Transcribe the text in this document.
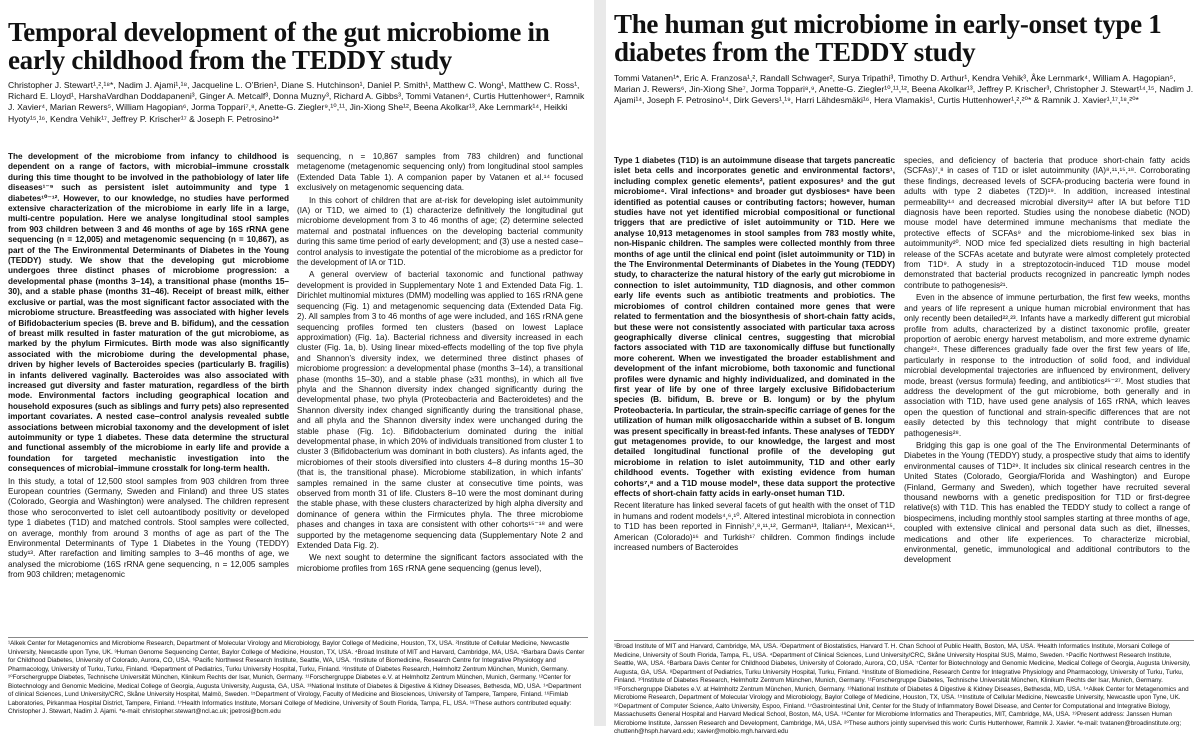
Temporal development of the gut microbiome in early childhood from the TEDDY study
Christopher J. Stewart¹,²,¹⁸*, Nadim J. Ajami¹,¹⁸, Jacqueline L. O’Brien¹, Diane S. Hutchinson¹, Daniel P. Smith¹, Matthew C. Wong¹, Matthew C. Ross¹, Richard E. Lloyd¹, HarshaVardhan Doddapaneni³, Ginger A. Metcalf³, Donna Muzny³, Richard A. Gibbs³, Tommi Vatanen⁴, Curtis Huttenhower⁴, Ramnik J. Xavier⁴, Marian Rewers⁵, William Hagopian⁶, Jorma Toppari⁷,⁸, Anette-G. Ziegler⁹,¹⁰,¹¹, Jin-Xiong She¹², Beena Akolkar¹³, Ake Lernmark¹⁴, Heikki Hyoty¹⁵,¹⁶, Kendra Vehik¹⁷, Jeffrey P. Krischer¹⁷ & Joseph F. Petrosino¹*

The development of the microbiome from infancy to childhood is dependent on a range of factors, with microbial–immune crosstalk during this time thought to be involved in the pathobiology of later life diseases¹⁻⁹ such as persistent islet autoimmunity and type 1 diabetes¹⁰⁻¹². However, to our knowledge, no studies have performed extensive characterization of the microbiome in early life in a large, multi-centre population. Here we analyse longitudinal stool samples from 903 children between 3 and 46 months of age by 16S rRNA gene sequencing (n = 12,005) and metagenomic sequencing (n = 10,867), as part of the The Environmental Determinants of Diabetes in the Young (TEDDY) study. We show that the developing gut microbiome undergoes three distinct phases of microbiome progression: a developmental phase (months 3–14), a transitional phase (months 15–30), and a stable phase (months 31–46). Receipt of breast milk, either exclusive or partial, was the most significant factor associated with the microbiome structure. Breastfeeding was associated with higher levels of Bifidobacterium species (B. breve and B. bifidum), and the cessation of breast milk resulted in faster maturation of the gut microbiome, as marked by the phylum Firmicutes. Birth mode was also significantly associated with the microbiome during the developmental phase, driven by higher levels of Bacteroides species (particularly B. fragilis) in infants delivered vaginally. Bacteroides was also associated with increased gut diversity and faster maturation, regardless of the birth mode. Environmental factors including geographical location and household exposures (such as siblings and furry pets) also represented important covariates. A nested case–control analysis revealed subtle associations between microbial taxonomy and the development of islet autoimmunity or type 1 diabetes. These data determine the structural and functional assembly of the microbiome in early life and provide a foundation for targeted mechanistic investigation into the consequences of microbial–immune crosstalk for long-term health.

In this study, a total of 12,500 stool samples from 903 children from three European countries (Germany, Sweden and Finland) and three US states (Colorado, Georgia and Washington) were analysed. The children represent those who seroconverted to islet cell autoantibody positivity or developed type 1 diabetes (T1D) and matched controls. Stool samples were collected, on average, monthly from around 3 months of age as part of the The Environmental Determinants of Type 1 Diabetes in the Young (TEDDY) study¹³. After rarefaction and limiting samples to 3–46 months of age, we analysed the microbiome (16S rRNA gene sequencing, n = 12,005 samples from 903 children; metagenomic

sequencing, n = 10,867 samples from 783 children) and functional metagenome (metagenomic sequencing only) from longitudinal stool samples (Extended Data Table 1). A companion paper by Vatanen et al.¹⁴ focused exclusively on metagenomic sequencing data.

In this cohort of children that are at-risk for developing islet autoimmunity (IA) or T1D, we aimed to (1) characterize definitively the longitudinal gut microbiome development from 3 to 46 months of age; (2) determine selected maternal and postnatal influences on the developing bacterial community during this same time period of early development; and (3) use a nested case–control analysis to investigate the potential of the microbiome as a predictor for the development of IA or T1D.

A general overview of bacterial taxonomic and functional pathway development is provided in Supplementary Note 1 and Extended Data Fig. 1. Dirichlet multinomial mixtures (DMM) modelling was applied to 16S rRNA gene sequencing (Fig. 1) and metagenomic sequencing data (Extended Data Fig. 2). All samples from 3 to 46 months of age were included, and 16S rRNA gene sequencing profiles formed ten clusters (based on lowest Laplace approximation) (Fig. 1a). Bacterial richness and diversity increased in each cluster (Fig. 1a, b). Using linear mixed-effects modelling of the top five phyla and Shannon’s diversity index, we determined three distinct phases of microbiome progression: a developmental phase (months 3–14), a transitional phase (months 15–30), and a stable phase (≥31 months), in which all five phyla and the Shannon diversity index changed significantly during the developmental phase, two phyla (Proteobacteria and Bacteroidetes) and the Shannon diversity index changed significantly during the transitional phase, and all phyla and the Shannon diversity index were unchanged during the stable phase (Fig. 1c). Bifidobacterium dominated during the initial developmental phase, in which 20% of individuals transitioned from cluster 1 to cluster 3 (Bifidobacterium was dominant in both clusters). As infants aged, the microbiomes of their stools diversified into clusters 4–8 during months 15–30 (that is, the transitional phase). Microbiome stabilization, in which infants’ samples remained in the same cluster at consecutive time points, was observed from month 31 of life. Clusters 8–10 were the most dominant during the stable phase, with these clusters characterized by high alpha diversity and dominance of genera within the Firmicutes phyla. The three microbiome phases and changes in taxa are consistent with other cohorts¹⁵⁻¹⁸ and were supported by the metagenome sequencing data (Supplementary Note 2 and Extended Data Fig. 2).

We next sought to determine the significant factors associated with the microbiome profiles from 16S rRNA gene sequencing (genus level),

¹Alkek Center for Metagenomics and Microbiome Research, Department of Molecular Virology and Microbiology, Baylor College of Medicine, Houston, TX, USA. ²Institute of Cellular Medicine, Newcastle University, Newcastle upon Tyne, UK. ³Human Genome Sequencing Center, Baylor College of Medicine, Houston, TX, USA. ⁴Broad Institute of MIT and Harvard, Cambridge, MA, USA. ⁵Barbara Davis Center for Childhood Diabetes, University of Colorado, Aurora, CO, USA. ⁶Pacific Northwest Research Institute, Seattle, WA, USA. ⁷Institute of Biomedicine, Research Centre for Integrative Physiology and Pharmacology, University of Turku, Turku, Finland. ⁸Department of Pediatrics, Turku University Hospital, Turku, Finland. ⁹Institute of Diabetes Research, Helmholtz Zentrum München, Munich, Germany. ¹⁰Forschergruppe Diabetes, Technische Universität München, Klinikum Rechts der Isar, Munich, Germany. ¹¹Forschergruppe Diabetes e.V. at Helmholtz Zentrum München, Munich, Germany. ¹²Center for Biotechnology and Genomic Medicine, Medical College of Georgia, Augusta University, Augusta, GA, USA. ¹³National Institute of Diabetes & Digestive & Kidney Diseases, Bethesda, MD, USA. ¹⁴Department of clinical Sciences, Lund University/CRC, Skåne University Hospital, Malmö, Sweden. ¹⁵Department of Virology, Faculty of Medicine and Biosciences, University of Tampere, Tampere, Finland. ¹⁶Fimlab Laboratories, Pirkanmaa Hospital District, Tampere, Finland. ¹⁷Health Informatics Institute, Morsani College of Medicine, University of South Florida, Tampa, FL, USA. ¹⁸These authors contributed equally: Christopher J. Stewart, Nadim J. Ajami. *e-mail: christopher.stewart@ncl.ac.uk; jpetrosi@bcm.edu
The human gut microbiome in early-onset type 1 diabetes from the TEDDY study
Tommi Vatanen¹*, Eric A. Franzosa¹,², Randall Schwager², Surya Tripathi³, Timothy D. Arthur¹, Kendra Vehik³, Åke Lernmark⁴, William A. Hagopian⁵, Marian J. Rewers⁶, Jin-Xiong She⁷, Jorma Toppari⁸,⁹, Anette-G. Ziegler¹⁰,¹¹,¹², Beena Akolkar¹³, Jeffrey P. Krischer³, Christopher J. Stewart¹⁴,¹⁵, Nadim J. Ajami¹⁴, Joseph F. Petrosino¹⁴, Dirk Gevers¹,¹⁹, Harri Lähdesmäki¹⁶, Hera Vlamakis¹, Curtis Huttenhower¹,²,²⁰* & Ramnik J. Xavier¹,¹⁷,¹⁸,²⁰*

Type 1 diabetes (T1D) is an autoimmune disease that targets pancreatic islet beta cells and incorporates genetic and environmental factors¹, including complex genetic elements², patient exposures³ and the gut microbiome⁴. Viral infections⁵ and broader gut dysbioses⁶ have been identified as potential causes or contributing factors; however, human studies have not yet identified microbial compositional or functional triggers that are predictive of islet autoimmunity or T1D. Here we analyse 10,913 metagenomes in stool samples from 783 mostly white, non-Hispanic children. The samples were collected monthly from three months of age until the clinical end point (islet autoimmunity or T1D) in the The Environmental Determinants of Diabetes in the Young (TEDDY) study, to characterize the natural history of the early gut microbiome in connection to islet autoimmunity, T1D diagnosis, and other common early life events such as antibiotic treatments and probiotics. The microbiomes of control children contained more genes that were related to fermentation and the biosynthesis of short-chain fatty acids, but these were not consistently associated with particular taxa across geographically diverse clinical centres, suggesting that microbial factors associated with T1D are taxonomically diffuse but functionally more coherent. When we investigated the broader establishment and development of the infant microbiome, both taxonomic and functional profiles were dynamic and highly individualized, and dominated in the first year of life by one of three largely exclusive Bifidobacterium species (B. bifidum, B. breve or B. longum) or by the phylum Proteobacteria. In particular, the strain-specific carriage of genes for the utilization of human milk oligosaccharide within a subset of B. longum was present specifically in breast-fed infants. These analyses of TEDDY gut metagenomes provide, to our knowledge, the largest and most detailed longitudinal functional profile of the developing gut microbiome in relation to islet autoimmunity, T1D and other early childhood events. Together with existing evidence from human cohorts⁷,⁸ and a T1D mouse model⁹, these data support the protective effects of short-chain fatty acids in early-onset human T1D.

Recent literature has linked several facets of gut health with the onset of T1D in humans and rodent models⁴,⁶,¹⁰. Altered intestinal microbiota in connection to T1D has been reported in Finnish⁷,⁸,¹¹,¹², German¹³, Italian¹⁴, Mexican¹⁵, American (Colorado)¹⁶ and Turkish¹⁷ children. Common findings include increased numbers of Bacteroides

species, and deficiency of bacteria that produce short-chain fatty acids (SCFAs)⁷,⁸ in cases of T1D or islet autoimmunity (IA)⁸,¹¹,¹⁵,¹⁸. Corroborating these findings, decreased levels of SCFA-producing bacteria were found in adults with type 2 diabetes (T2D)¹⁹. In addition, increased intestinal permeability¹⁴ and decreased microbial diversity¹² after IA but before T1D diagnosis have been reported. Studies using the nonobese diabetic (NOD) mouse model have determined immune mechanisms that mediate the protective effects of SCFAs⁹ and the microbiome-linked sex bias in autoimmunity²⁰. NOD mice fed specialized diets resulting in high bacterial release of the SCFAs acetate and butyrate were almost completely protected from T1D⁹. A study in a streptozotocin-induced T1D mouse model demonstrated that bacterial products recognized in pancreatic lymph nodes contribute to pathogenesis²¹.

Even in the absence of immune perturbation, the first few weeks, months and years of life represent a unique human microbial environment that has only recently been detailed²²,²³. Infants have a markedly different gut microbial profile from adults, characterized by a distinct taxonomic profile, greater proportion of aerobic energy harvest metabolism, and more extreme dynamic change²⁴. These differences gradually fade over the first few years of life, particularly in response to the introduction of solid food, and individual microbial developmental trajectories are influenced by environment, delivery mode, breast (versus formula) feeding, and antibiotics²⁵⁻²⁷. Most studies that address the development of the gut microbiome, both generally and in association with T1D, have used gene analysis of 16S rRNA, which leaves open the question of functional and strain-specific differences that are not easily detected by this technology that might contribute to disease pathogenesis²⁸.

Bridging this gap is one goal of the The Environmental Determinants of Diabetes in the Young (TEDDY) study, a prospective study that aims to identify environmental causes of T1D²⁹. It includes six clinical research centres in the United States (Colorado, Georgia/Florida and Washington) and Europe (Finland, Germany and Sweden), which together have recruited several thousand newborns with a genetic predisposition for T1D or first-degree relative(s) with T1D. This has enabled the TEDDY study to collect a range of biospecimens, including monthly stool samples starting at three months of age, coupled with extensive clinical and personal data such as diet, illnesses, medications and other life experiences. To characterize microbial, environmental, genetic, immunological and additional contributors to the development

¹Broad Institute of MIT and Harvard, Cambridge, MA, USA. ²Department of Biostatistics, Harvard T. H. Chan School of Public Health, Boston, MA, USA. ³Health Informatics Institute, Morsani College of Medicine, University of South Florida, Tampa, FL, USA. ⁴Department of Clinical Sciences, Lund University/CRC, Skåne University Hospital SUS, Malmo, Sweden. ⁵Pacific Northwest Research Institute, Seattle, WA, USA. ⁶Barbara Davis Center for Childhood Diabetes, University of Colorado, Aurora, CO, USA. ⁷Center for Biotechnology and Genomic Medicine, Medical College of Georgia, Augusta University, Augusta, GA, USA. ⁸Department of Pediatrics, Turku University Hospital, Turku, Finland. ⁹Institute of Biomedicine, Research Centre for Integrative Physiology and Pharmacology, University of Turku, Turku, Finland. ¹⁰Institute of Diabetes Research, Helmholtz Zentrum München, Munich, Germany. ¹¹Forschergruppe Diabetes, Technische Universität München, Klinikum Rechts der Isar, Munich, Germany. ¹²Forschergruppe Diabetes e.V. at Helmholtz Zentrum München, Munich, Germany. ¹³National Institute of Diabetes & Digestive & Kidney Diseases, Bethesda, MD, USA. ¹⁴Alkek Center for Metagenomics and Microbiome Research, Department of Molecular Virology and Microbiology, Baylor College of Medicine, Houston, TX, USA. ¹⁵Institute of Cellular Medicine, Newcastle University, Newcastle upon Tyne, UK. ¹⁶Department of Computer Science, Aalto University, Espoo, Finland. ¹⁷Gastrointestinal Unit, Center for the Study of Inflammatory Bowel Disease, and Center for Computational and Integrative Biology, Massachusetts General Hospital and Harvard Medical School, Boston, MA, USA. ¹⁸Center for Microbiome Informatics and Therapeutics, MIT, Cambridge, MA, USA. ¹⁹Present address: Janssen Human Microbiome Institute, Janssen Research and Development, Cambridge, MA, USA. ²⁰These authors jointly supervised this work: Curtis Huttenhower, Ramnik J. Xavier. *e-mail: tvatanen@broadinstitute.org; chuttenh@hsph.harvard.edu; xavier@molbio.mgh.harvard.edu
